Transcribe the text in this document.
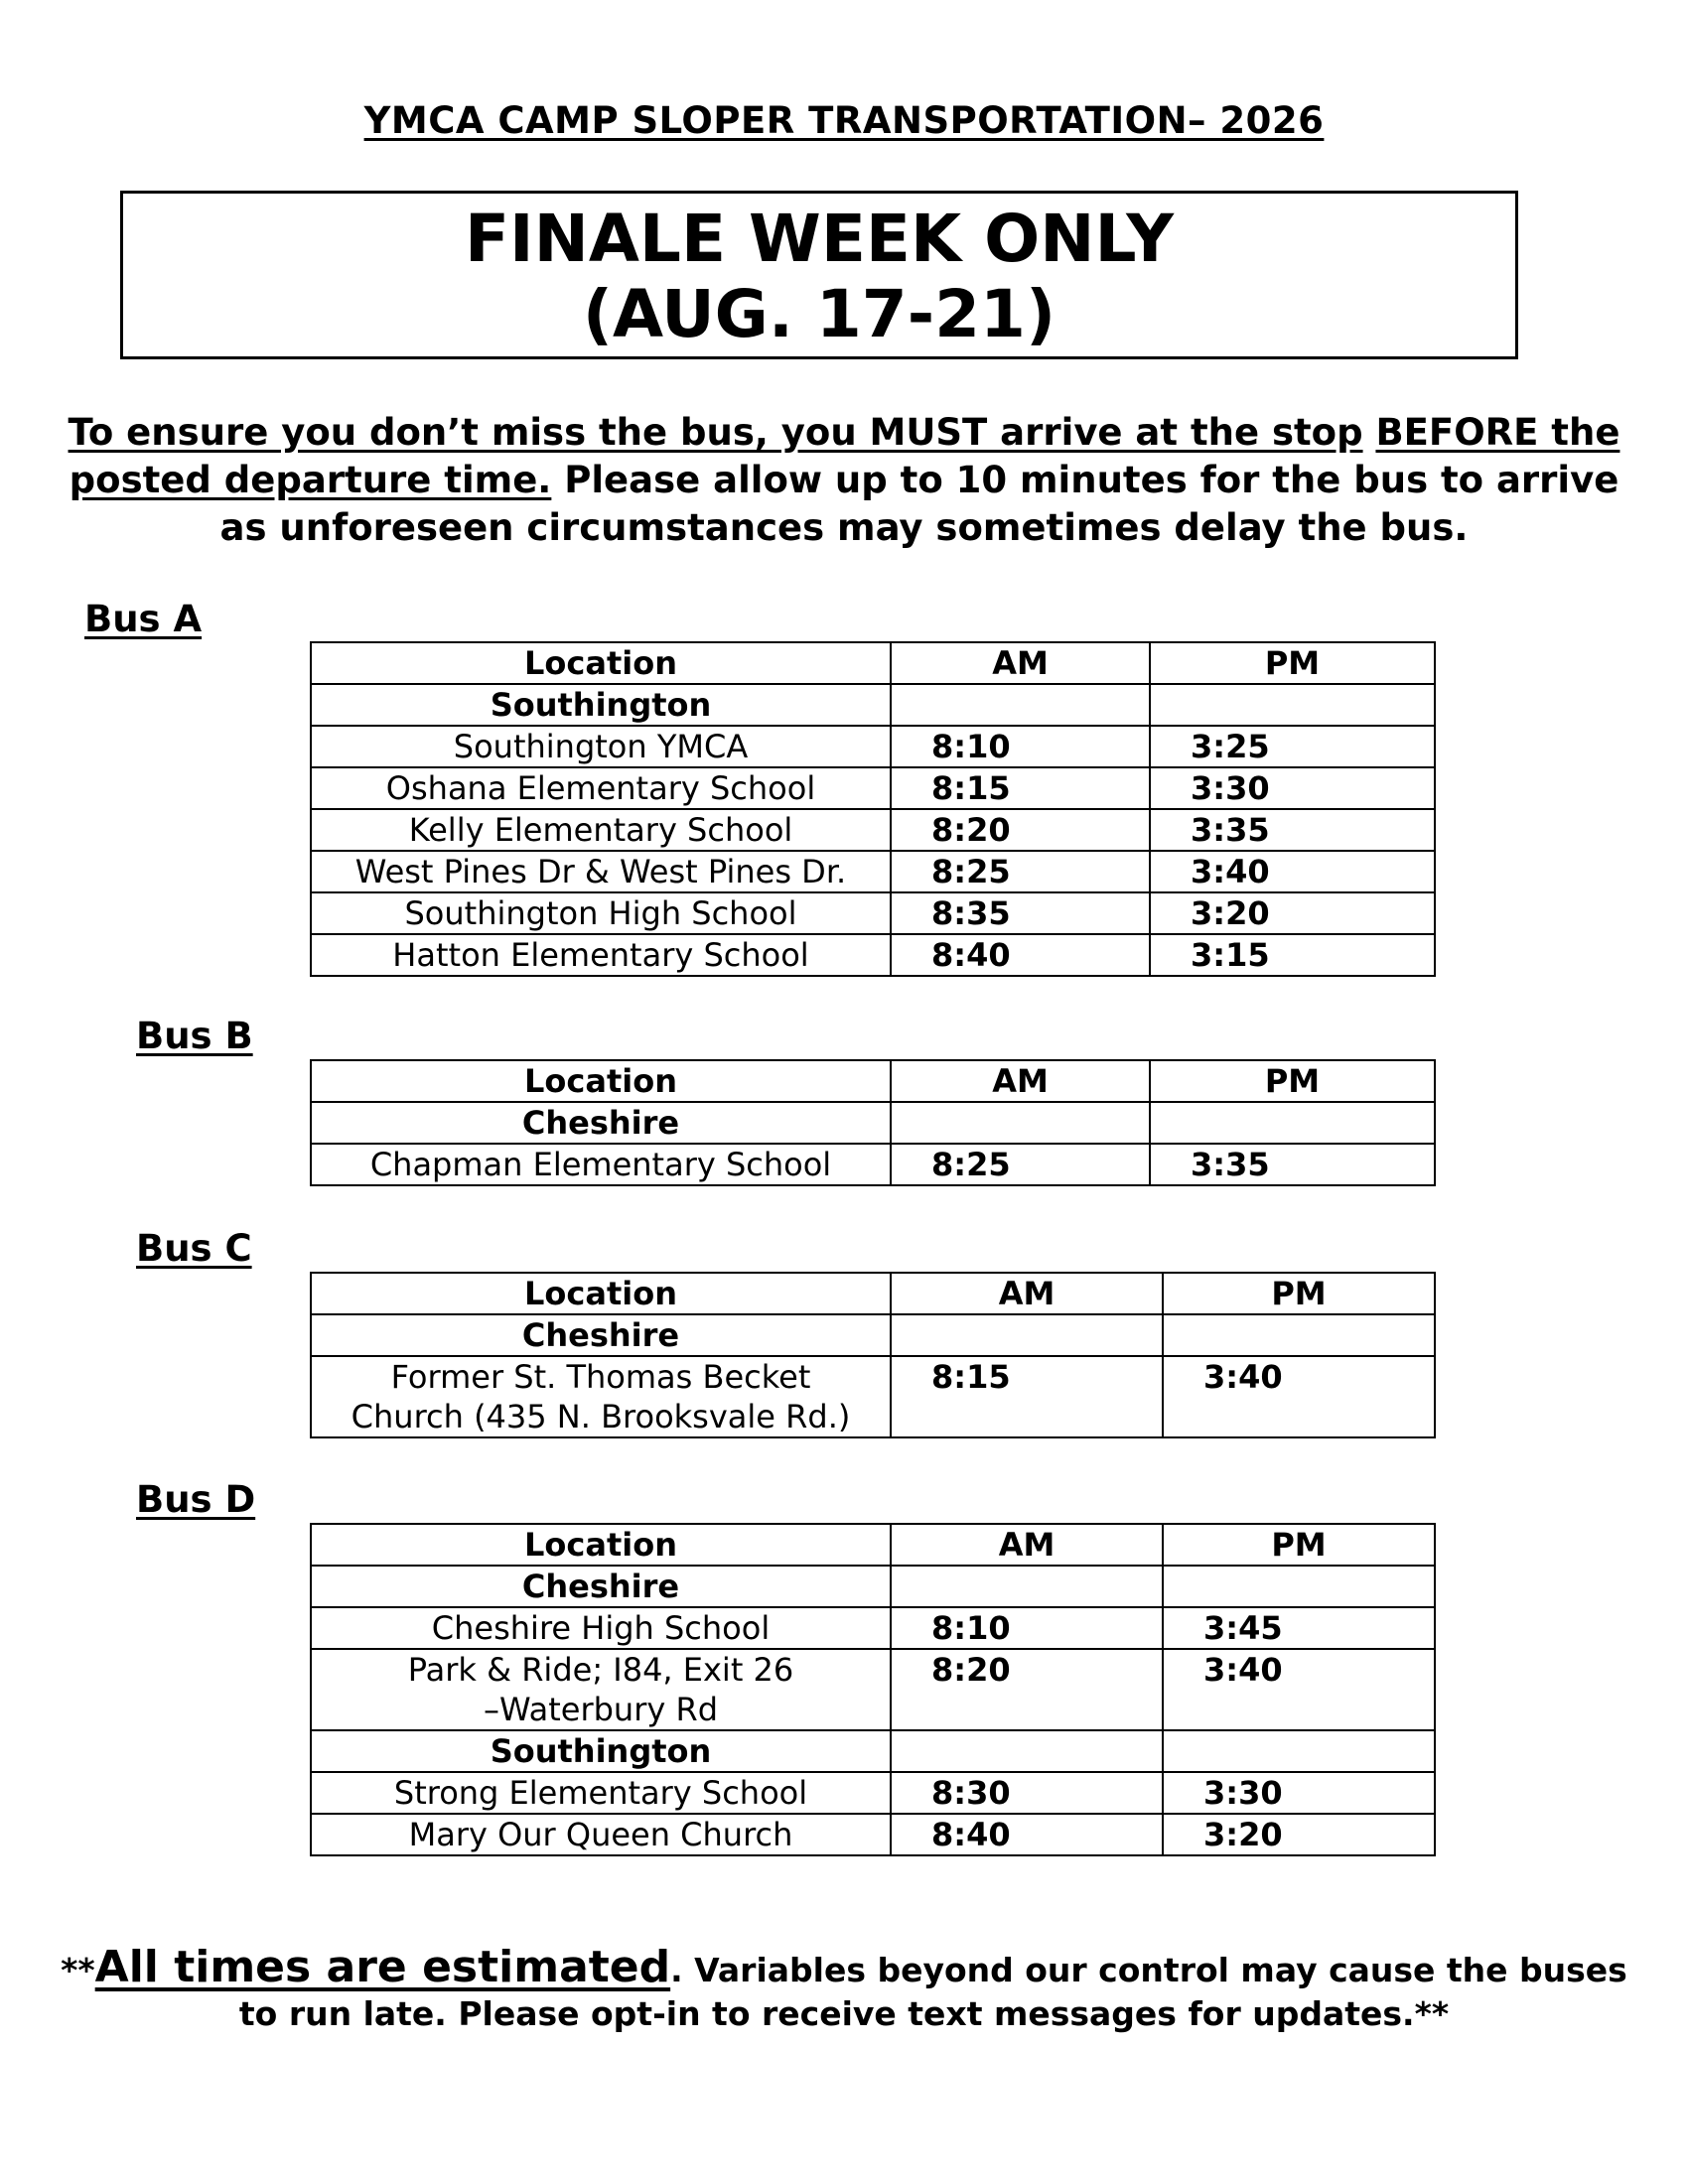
YMCA CAMP SLOPER TRANSPORTATION– 2026
FINALE WEEK ONLY
(AUG. 17-21)
To ensure you don’t miss the bus, you MUST arrive at the stop BEFORE the posted departure time. Please allow up to 10 minutes for the bus to arrive as unforeseen circumstances may sometimes delay the bus.
Bus A
Location	AM	PM
Southington		
Southington YMCA	8:10	3:25
Oshana Elementary School	8:15	3:30
Kelly Elementary School	8:20	3:35
West Pines Dr & West Pines Dr.	8:25	3:40
Southington High School	8:35	3:20
Hatton Elementary School	8:40	3:15
Bus B
Location	AM	PM
Cheshire		
Chapman Elementary School	8:25	3:35
Bus C
Location	AM	PM
Cheshire		

Former St. Thomas Becket
Church (435 N. Brooksvale Rd.)	8:15	3:40
Bus D
Location	AM	PM
Cheshire		
Cheshire High School	8:10	3:45

Park & Ride; I84, Exit 26
–Waterbury Rd	8:20	3:40
Southington		
Strong Elementary School	8:30	3:30
Mary Our Queen Church	8:40	3:20
**All times are estimated. Variables beyond our control may cause the buses to run late. Please opt-in to receive text messages for updates.**
